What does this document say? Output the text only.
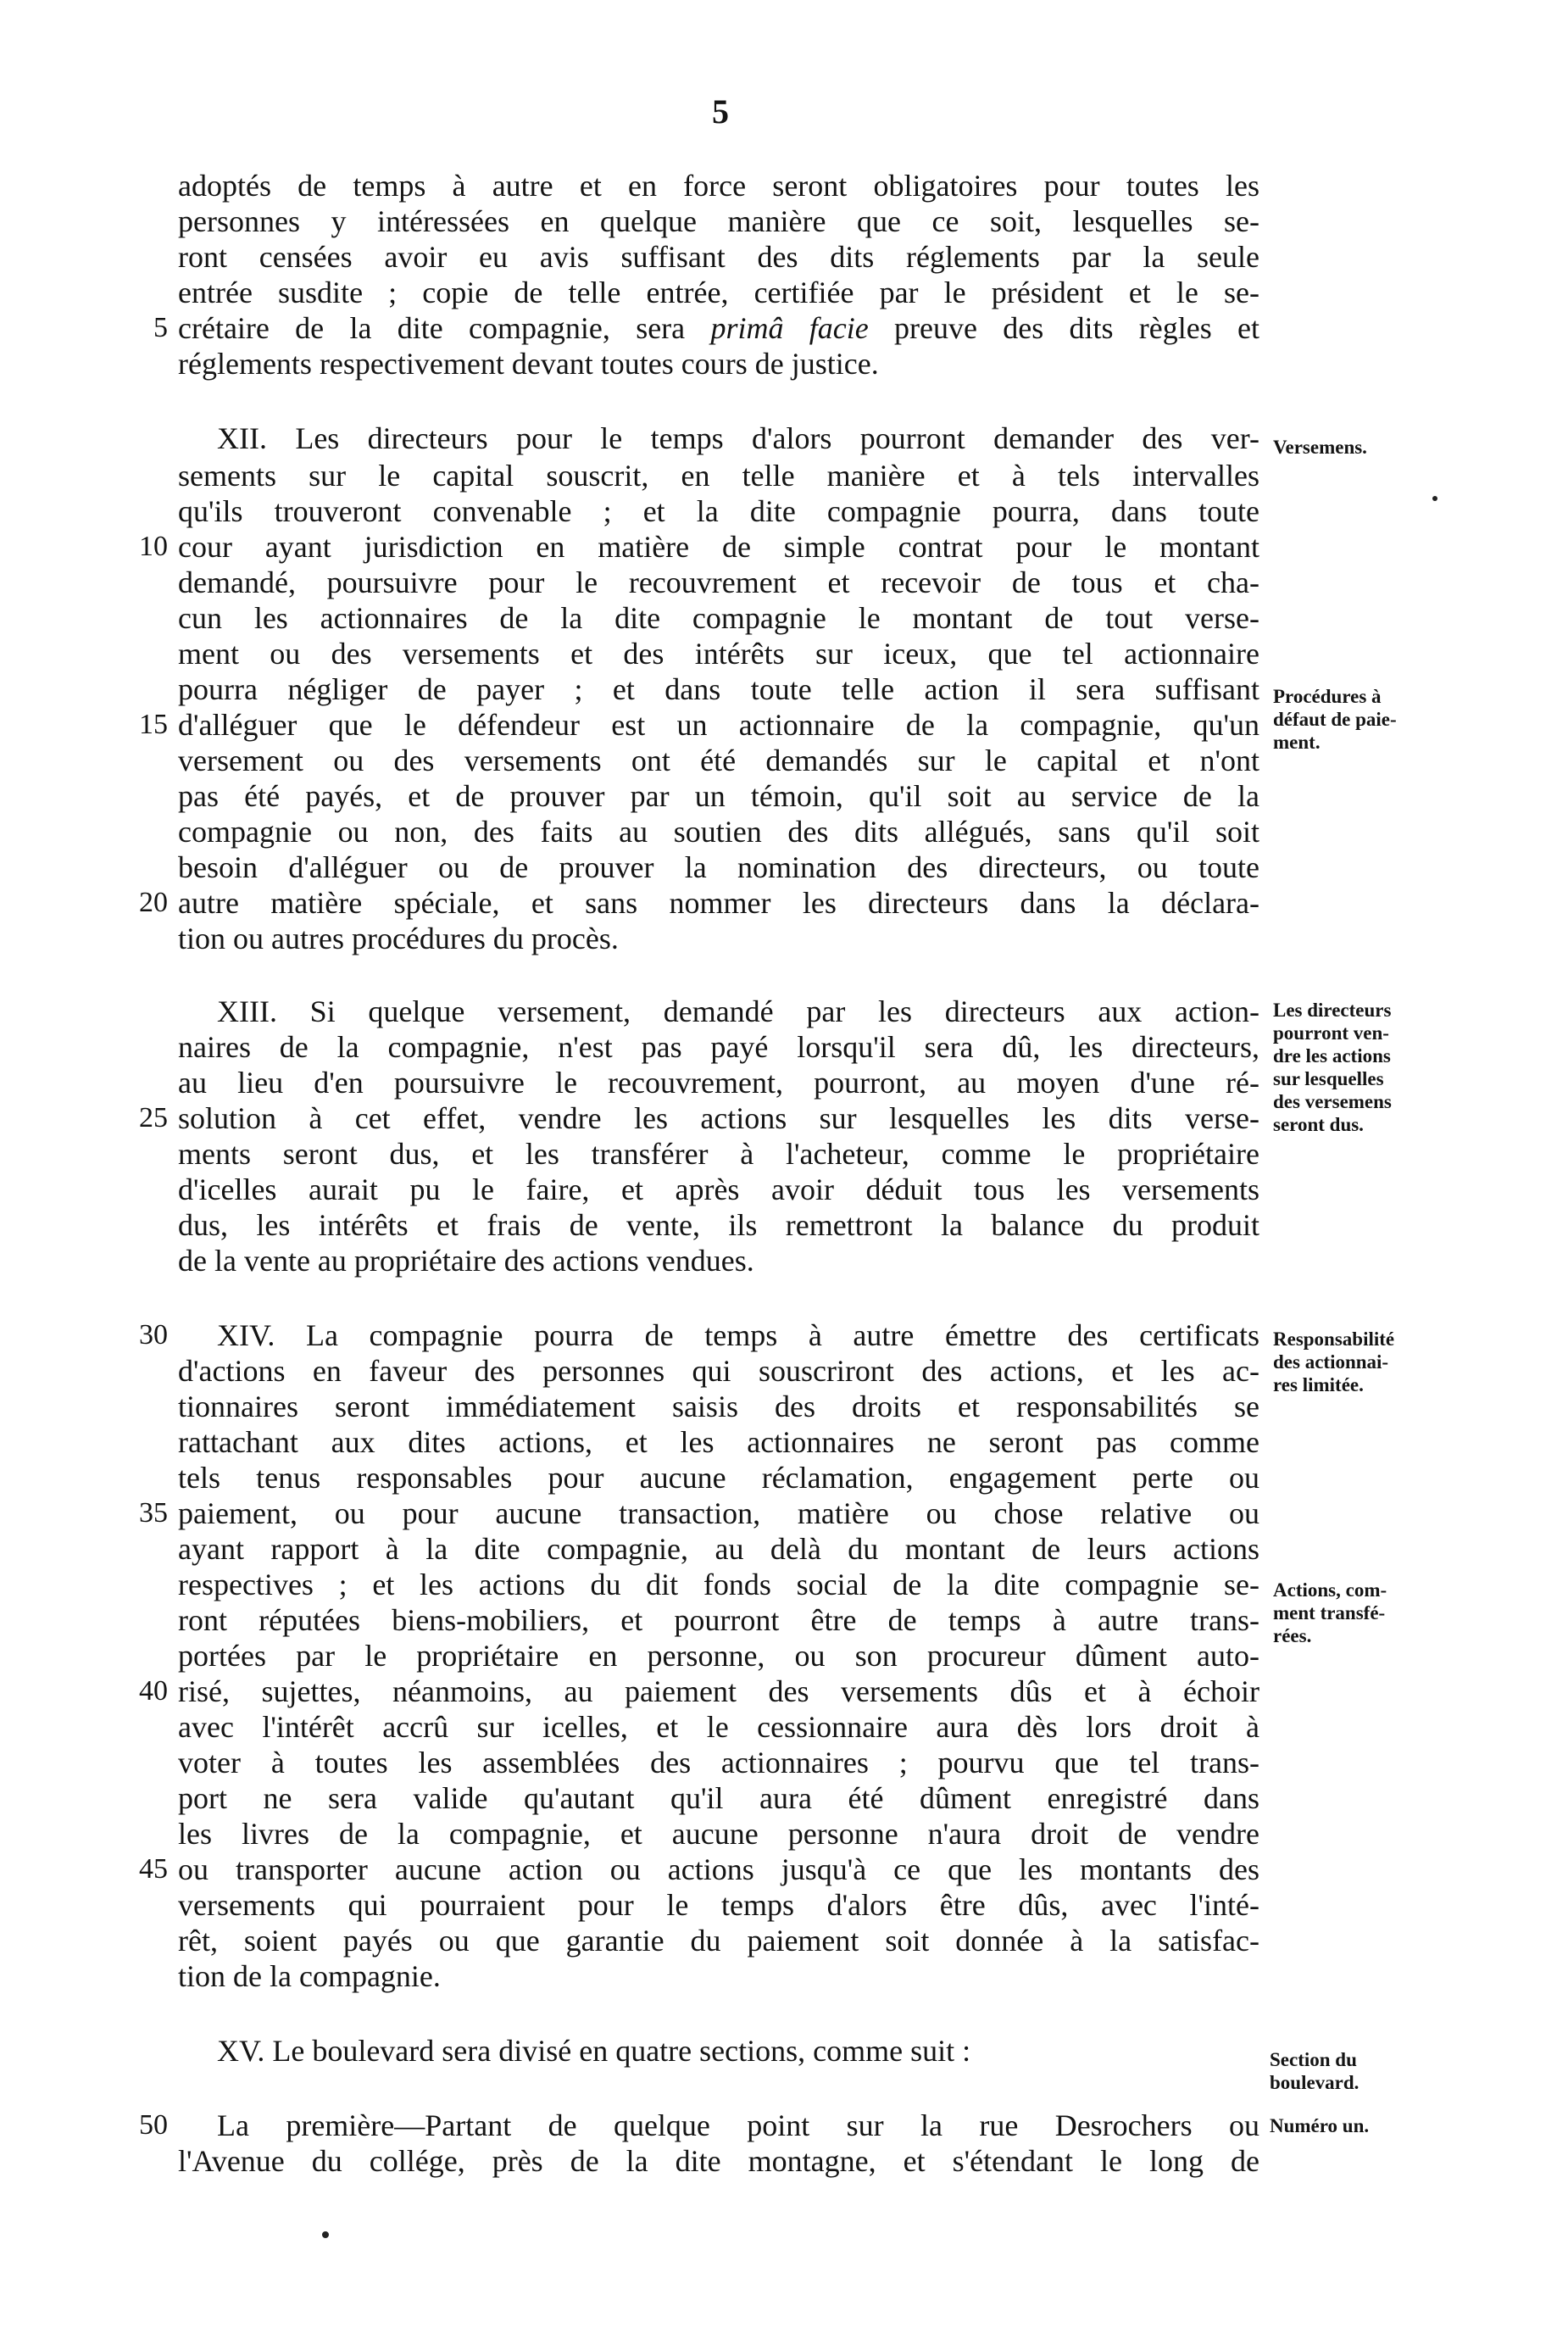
5
adoptés de temps à autre et en force seront obligatoires pour toutes les
personnes y intéressées en quelque manière que ce soit, lesquelles se-
ront censées avoir eu avis suffisant des dits réglements par la seule
entrée susdite ; copie de telle entrée, certifiée par le président et le se-
5 crétaire de la dite compagnie, sera primâ facie preuve des dits règles et
réglements respectivement devant toutes cours de justice.
XII. Les directeurs pour le temps d'alors pourront demander des ver-
sements sur le capital souscrit, en telle manière et à tels intervalles
qu'ils trouveront convenable ; et la dite compagnie pourra, dans toute
10 cour ayant jurisdiction en matière de simple contrat pour le montant
demandé, poursuivre pour le recouvrement et recevoir de tous et cha-
cun les actionnaires de la dite compagnie le montant de tout verse-
ment ou des versements et des intérêts sur iceux, que tel actionnaire
pourra négliger de payer ; et dans toute telle action il sera suffisant
15 d'alléguer que le défendeur est un actionnaire de la compagnie, qu'un
versement ou des versements ont été demandés sur le capital et n'ont
pas été payés, et de prouver par un témoin, qu'il soit au service de la
compagnie ou non, des faits au soutien des dits allégués, sans qu'il soit
besoin d'alléguer ou de prouver la nomination des directeurs, ou toute
20 autre matière spéciale, et sans nommer les directeurs dans la déclara-
tion ou autres procédures du procès.
XIII. Si quelque versement, demandé par les directeurs aux action-
naires de la compagnie, n'est pas payé lorsqu'il sera dû, les directeurs,
au lieu d'en poursuivre le recouvrement, pourront, au moyen d'une ré-
25 solution à cet effet, vendre les actions sur lesquelles les dits verse-
ments seront dus, et les transférer à l'acheteur, comme le propriétaire
d'icelles aurait pu le faire, et après avoir déduit tous les versements
dus, les intérêts et frais de vente, ils remettront la balance du produit
de la vente au propriétaire des actions vendues.
30 XIV. La compagnie pourra de temps à autre émettre des certificats
d'actions en faveur des personnes qui souscriront des actions, et les ac-
tionnaires seront immédiatement saisis des droits et responsabilités se
rattachant aux dites actions, et les actionnaires ne seront pas comme
tels tenus responsables pour aucune réclamation, engagement perte ou
35 paiement, ou pour aucune transaction, matière ou chose relative ou
ayant rapport à la dite compagnie, au delà du montant de leurs actions
respectives ; et les actions du dit fonds social de la dite compagnie se-
ront réputées biens-mobiliers, et pourront être de temps à autre trans-
portées par le propriétaire en personne, ou son procureur dûment auto-
40 risé, sujettes, néanmoins, au paiement des versements dûs et à échoir
avec l'intérêt accrû sur icelles, et le cessionnaire aura dès lors droit à
voter à toutes les assemblées des actionnaires ; pourvu que tel trans-
port ne sera valide qu'autant qu'il aura été dûment enregistré dans
les livres de la compagnie, et aucune personne n'aura droit de vendre
45 ou transporter aucune action ou actions jusqu'à ce que les montants des
versements qui pourraient pour le temps d'alors être dûs, avec l'inté-
rêt, soient payés ou que garantie du paiement soit donnée à la satisfac-
tion de la compagnie.
XV. Le boulevard sera divisé en quatre sections, comme suit :
50 La première—Partant de quelque point sur la rue Desrochers ou
l'Avenue du collége, près de la dite montagne, et s'étendant le long de
Versemens.
Procédures à
défaut de paie-
ment.
Les directeurs
pourront ven-
dre les actions
sur lesquelles
des versemens
seront dus.
Responsabilité
des actionnai-
res limitée.
Actions, com-
ment transfé-
rées.
Section du
boulevard.
Numéro un.
